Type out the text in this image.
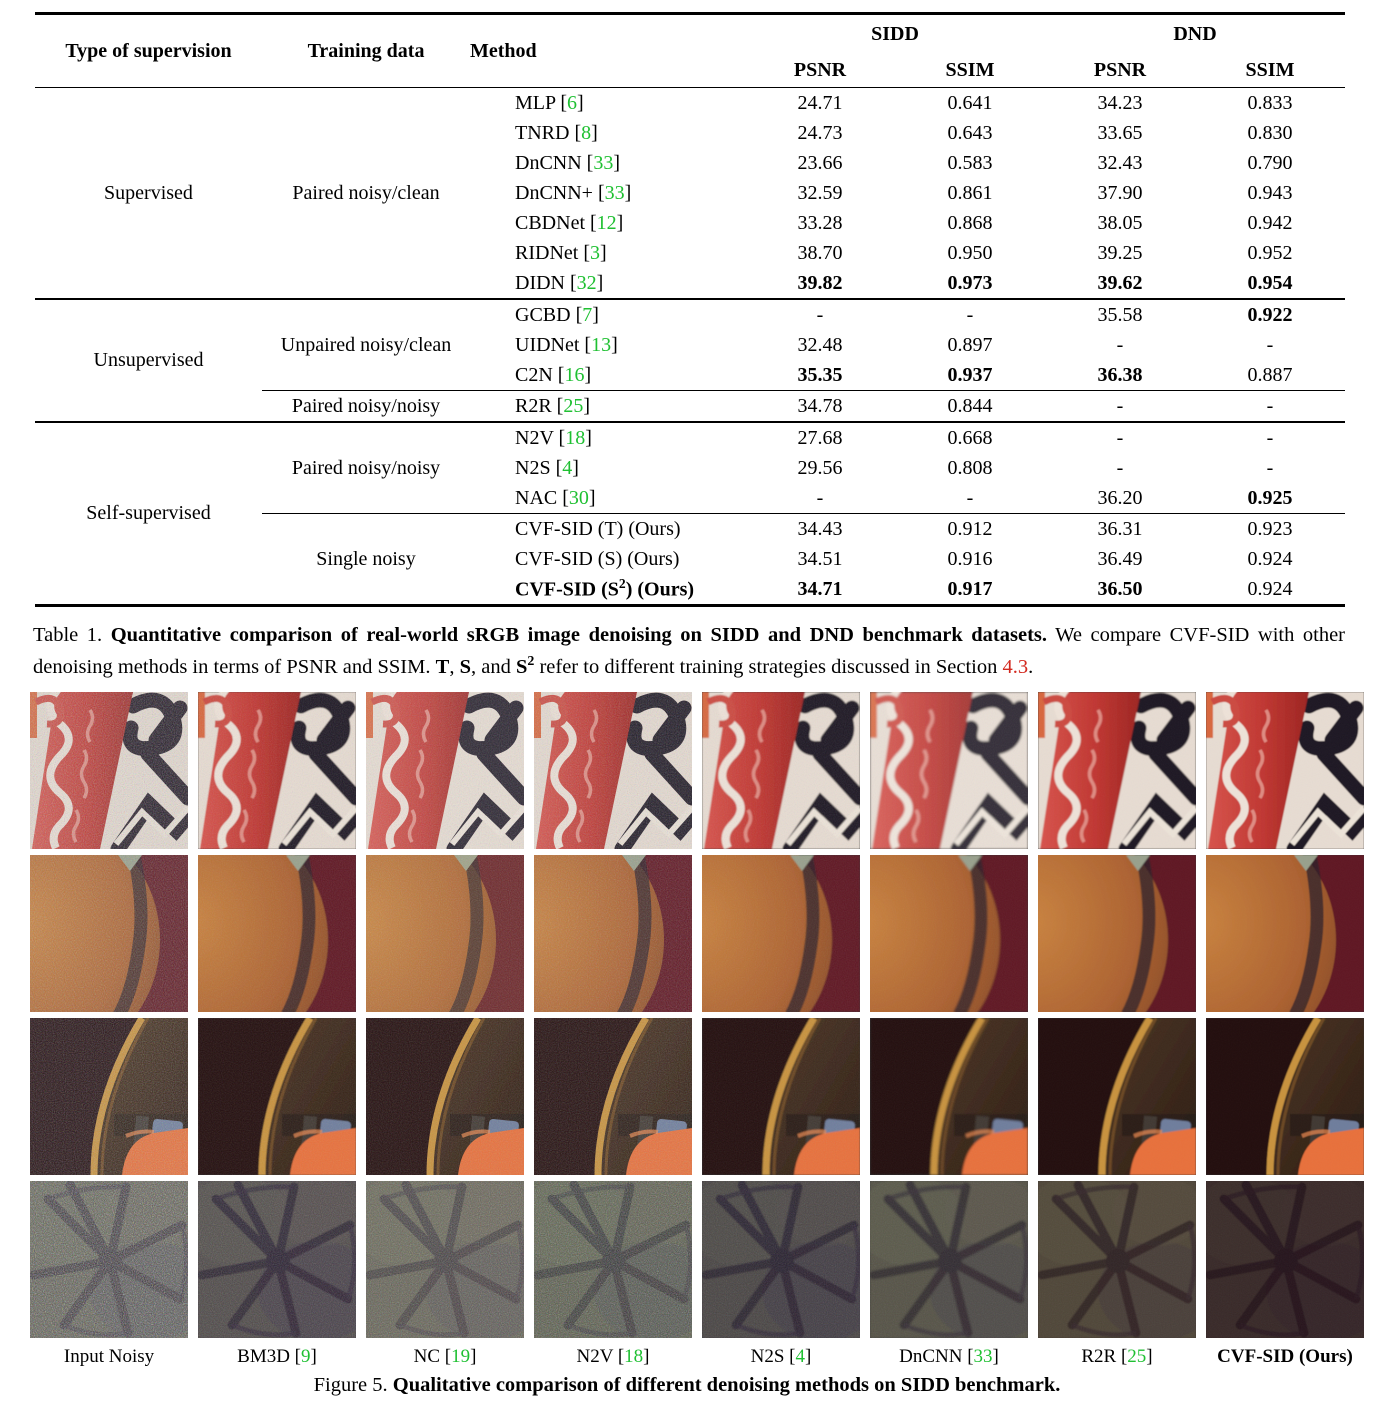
Type of supervision	Training data	Method	SIDD		DND	
			PSNR	SSIM	PSNR	SSIM
Supervised	Paired noisy/clean	MLP [6]	24.71	0.641	34.23	0.833
		TNRD [8]	24.73	0.643	33.65	0.830
		DnCNN [33]	23.66	0.583	32.43	0.790
		DnCNN+ [33]	32.59	0.861	37.90	0.943
		CBDNet [12]	33.28	0.868	38.05	0.942
		RIDNet [3]	38.70	0.950	39.25	0.952
		DIDN [32]	39.82	0.973	39.62	0.954
Unsupervised	Unpaired noisy/clean	GCBD [7]	-	-	35.58	0.922
		UIDNet [13]	32.48	0.897	-	-
		C2N [16]	35.35	0.937	36.38	0.887
	Paired noisy/noisy	R2R [25]	34.78	0.844	-	-
Self-supervised	Paired noisy/noisy	N2V [18]	27.68	0.668	-	-
		N2S [4]	29.56	0.808	-	-
		NAC [30]	-	-	36.20	0.925
	Single noisy	CVF-SID (T) (Ours)	34.43	0.912	36.31	0.923
		CVF-SID (S) (Ours)	34.51	0.916	36.49	0.924
		CVF-SID $(S^2)$ (Ours)	34.71	0.917	36.50	0.924
Table 1. Quantitative comparison of real-world sRGB image denoising on SIDD and DND benchmark datasets. We compare CVF-SID with other denoising methods in terms of PSNR and SSIM. T, S, and $S^2$ refer to different training strategies discussed in Section 4.3.
Input Noisy	BM3D [9]	NC [19]	N2V [18]	N2S [4]	DnCNN [33]	R2R [25]	CVF-SID (Ours)
Figure 5. Qualitative comparison of different denoising methods on SIDD benchmark.
